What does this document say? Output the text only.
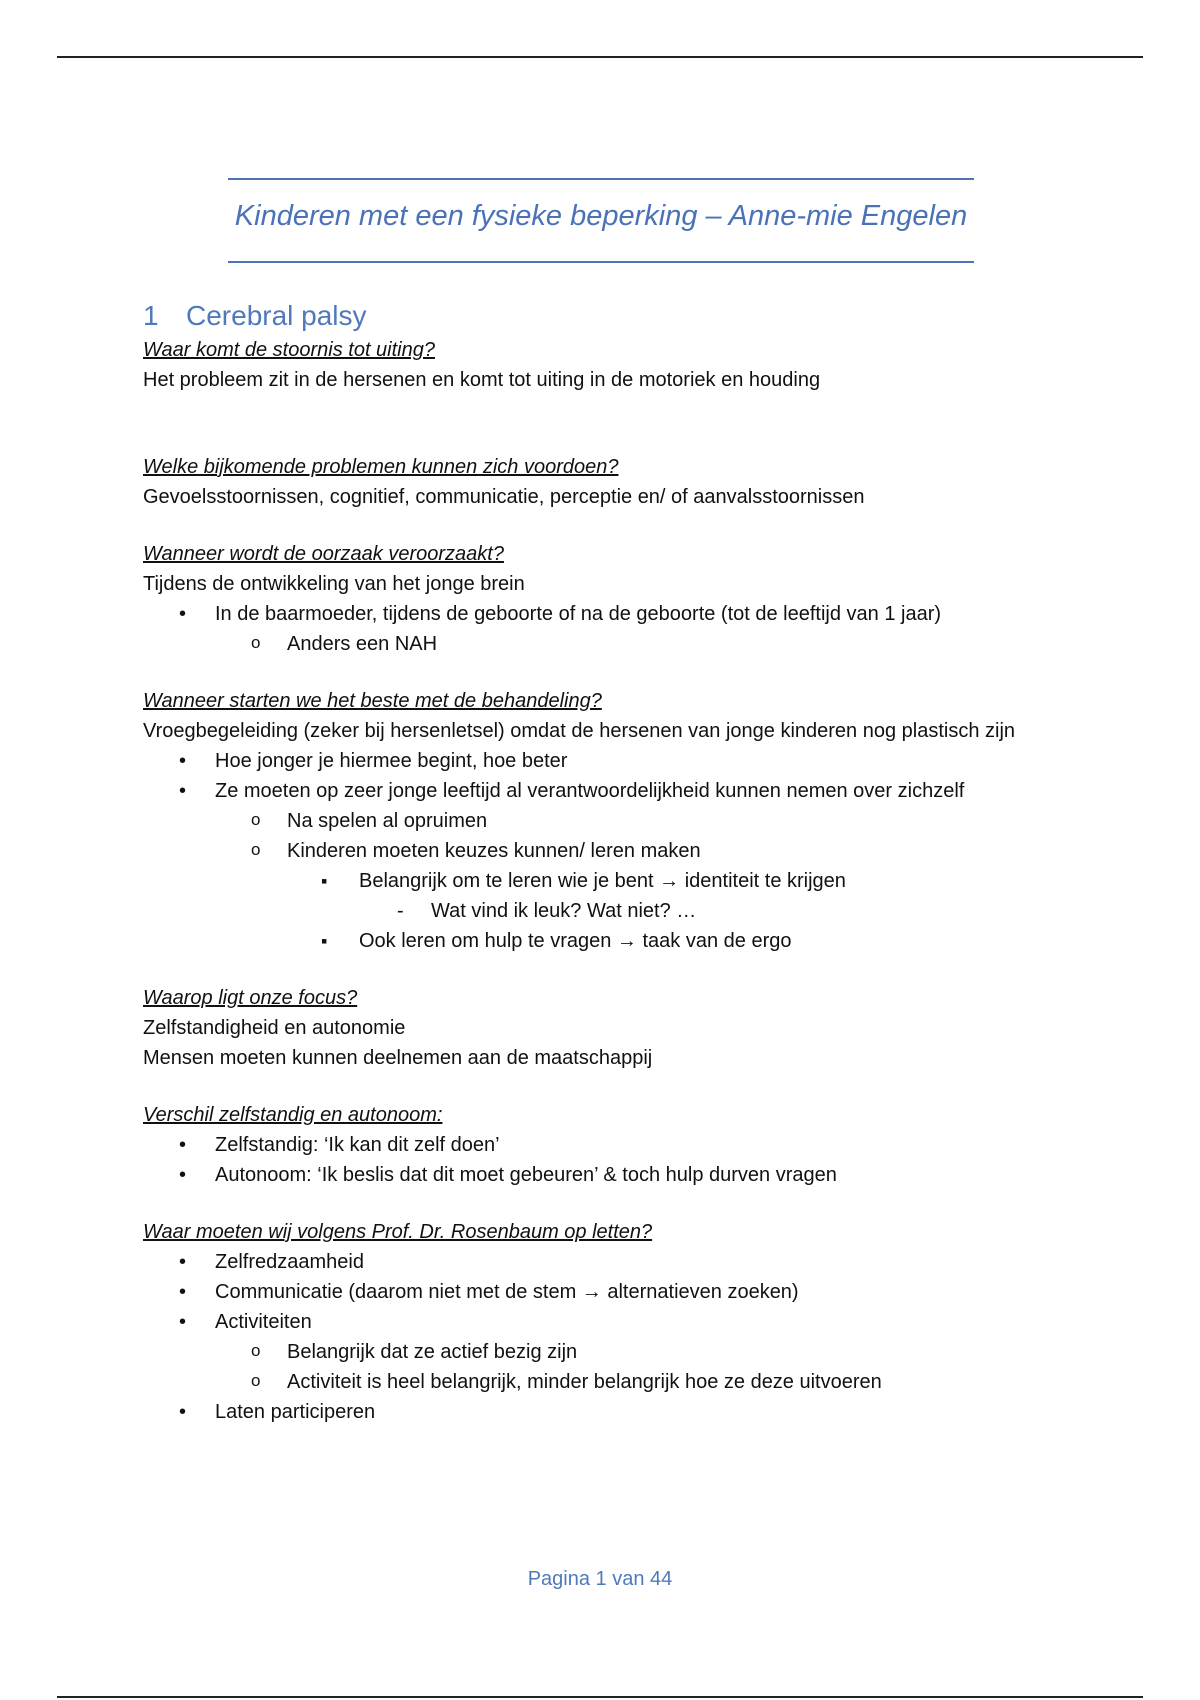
Kinderen met een fysieke beperking – Anne-mie Engelen
1 Cerebral palsy
Waar komt de stoornis tot uiting?
Het probleem zit in de hersenen en komt tot uiting in de motoriek en houding
Welke bijkomende problemen kunnen zich voordoen?
Gevoelsstoornissen, cognitief, communicatie, perceptie en/ of aanvalsstoornissen
Wanneer wordt de oorzaak veroorzaakt?
Tijdens de ontwikkeling van het jonge brein
• In de baarmoeder, tijdens de geboorte of na de geboorte (tot de leeftijd van 1 jaar)
o Anders een NAH
Wanneer starten we het beste met de behandeling?
Vroegbegeleiding (zeker bij hersenletsel) omdat de hersenen van jonge kinderen nog plastisch zijn
• Hoe jonger je hiermee begint, hoe beter
• Ze moeten op zeer jonge leeftijd al verantwoordelijkheid kunnen nemen over zichzelf
o Na spelen al opruimen
o Kinderen moeten keuzes kunnen/ leren maken
▪ Belangrijk om te leren wie je bent → identiteit te krijgen
- Wat vind ik leuk? Wat niet? …
▪ Ook leren om hulp te vragen → taak van de ergo
Waarop ligt onze focus?
Zelfstandigheid en autonomie
Mensen moeten kunnen deelnemen aan de maatschappij
Verschil zelfstandig en autonoom:
• Zelfstandig: ‘Ik kan dit zelf doen’
• Autonoom: ‘Ik beslis dat dit moet gebeuren’ & toch hulp durven vragen
Waar moeten wij volgens Prof. Dr. Rosenbaum op letten?
• Zelfredzaamheid
• Communicatie (daarom niet met de stem → alternatieven zoeken)
• Activiteiten
o Belangrijk dat ze actief bezig zijn
o Activiteit is heel belangrijk, minder belangrijk hoe ze deze uitvoeren
• Laten participeren
Pagina 1 van 44
